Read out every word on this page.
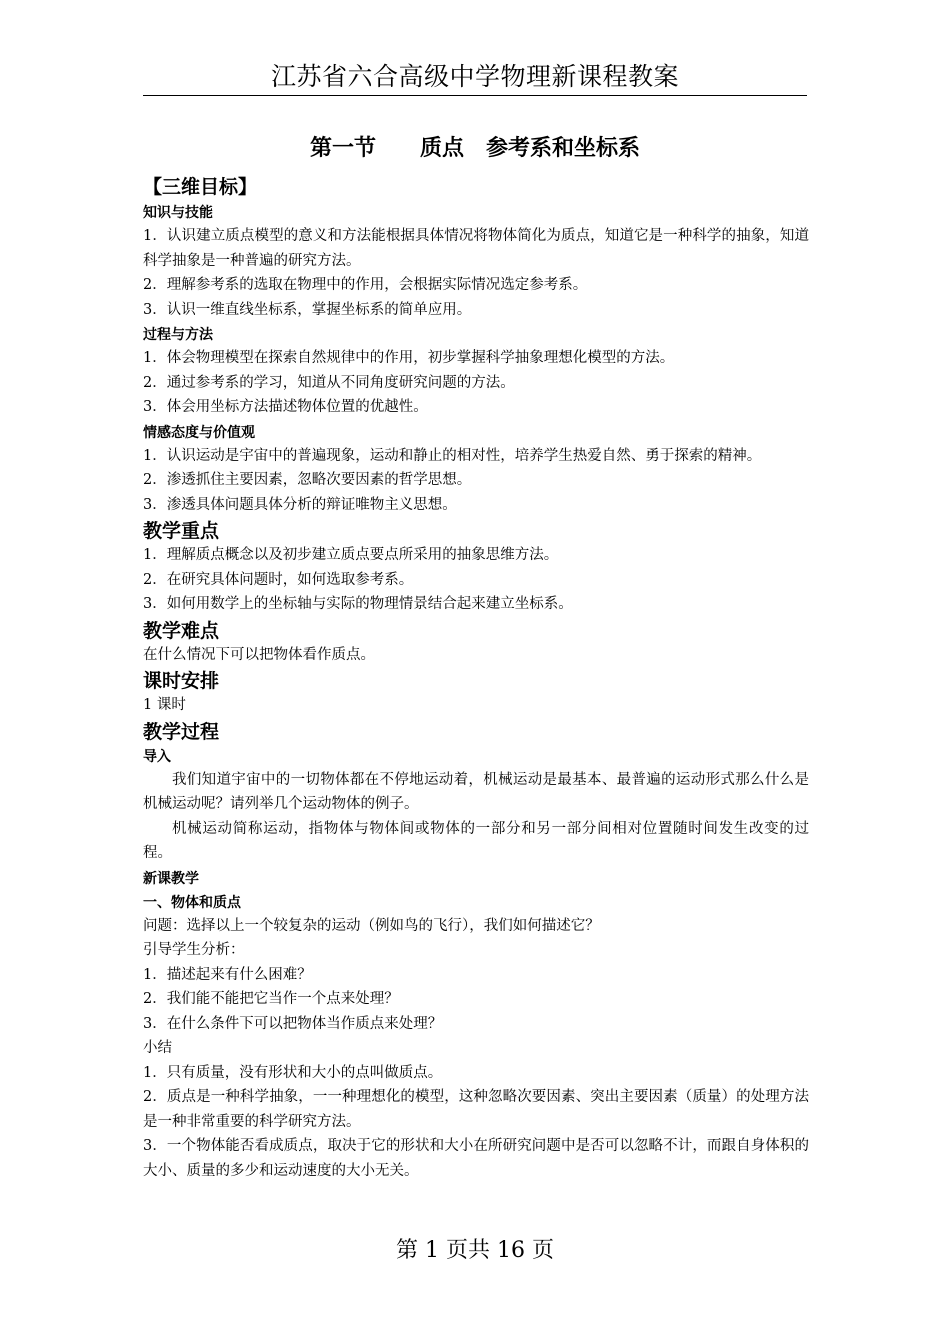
江苏省六合高级中学物理新课程教案
第一节　　质点　参考系和坐标系
【三维目标】
知识与技能

1．认识建立质点模型的意义和方法能根据具体情况将物体简化为质点，知道它是一种科学的抽象，知道科学抽象是一种普遍的研究方法。

2．理解参考系的选取在物理中的作用，会根据实际情况选定参考系。

3．认识一维直线坐标系，掌握坐标系的简单应用。

过程与方法

1．体会物理模型在探索自然规律中的作用，初步掌握科学抽象理想化模型的方法。

2．通过参考系的学习，知道从不同角度研究问题的方法。

3．体会用坐标方法描述物体位置的优越性。

情感态度与价值观

1．认识运动是宇宙中的普遍现象，运动和静止的相对性，培养学生热爱自然、勇于探索的精神。

2．渗透抓住主要因素，忽略次要因素的哲学思想。

3．渗透具体问题具体分析的辩证唯物主义思想。

教学重点

1．理解质点概念以及初步建立质点要点所采用的抽象思维方法。

2．在研究具体问题时，如何选取参考系。

3．如何用数学上的坐标轴与实际的物理情景结合起来建立坐标系。

教学难点

在什么情况下可以把物体看作质点。

课时安排

1 课时

教学过程
导入

我们知道宇宙中的一切物体都在不停地运动着，机械运动是最基本、最普遍的运动形式那么什么是机械运动呢？请列举几个运动物体的例子。

机械运动简称运动，指物体与物体间或物体的一部分和另一部分间相对位置随时间发生改变的过程。

新课教学
一、物体和质点

问题：选择以上一个较复杂的运动（例如鸟的飞行），我们如何描述它？

引导学生分析：

1．描述起来有什么困难？

2．我们能不能把它当作一个点来处理？

3．在什么条件下可以把物体当作质点来处理？

小结

1．只有质量，没有形状和大小的点叫做质点。

2．质点是一种科学抽象，一一种理想化的模型，这种忽略次要因素、突出主要因素（质量）的处理方法是一种非常重要的科学研究方法。

3．一个物体能否看成质点，取决于它的形状和大小在所研究问题中是否可以忽略不计，而跟自身体积的大小、质量的多少和运动速度的大小无关。

第 1 页共 16 页
